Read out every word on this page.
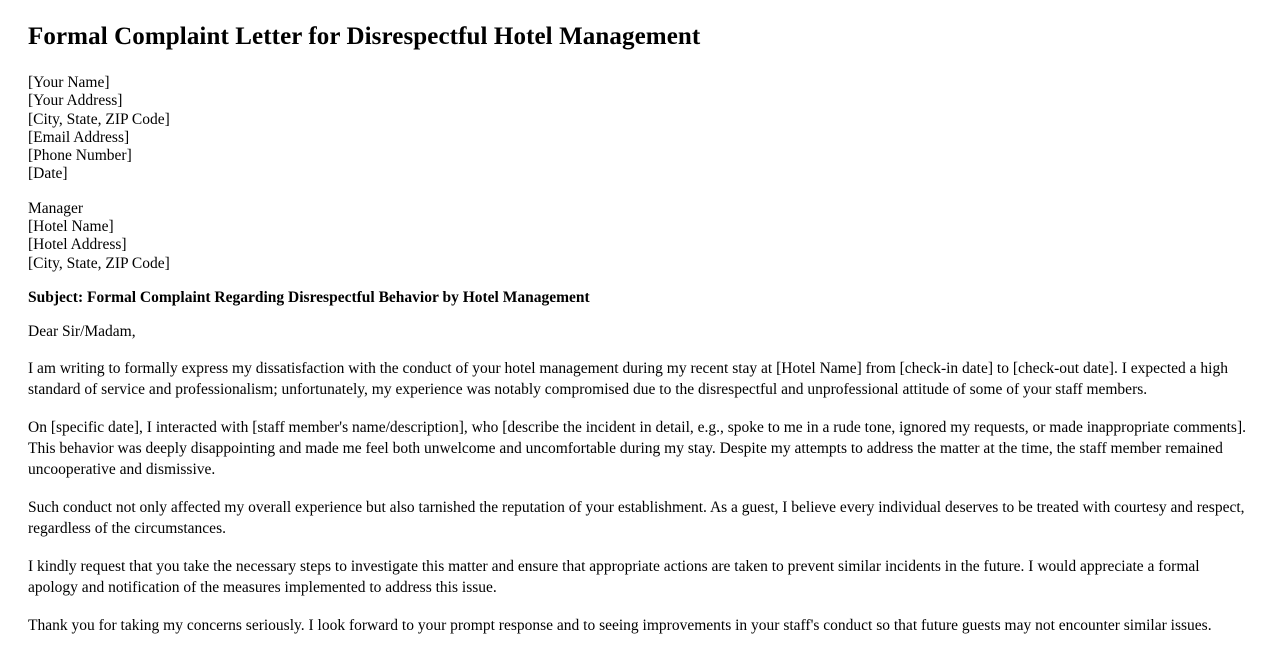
Formal Complaint Letter for Disrespectful Hotel Management
[Your Name]
[Your Address]
[City, State, ZIP Code]
[Email Address]
[Phone Number]
[Date]
Manager
[Hotel Name]
[Hotel Address]
[City, State, ZIP Code]
Subject: Formal Complaint Regarding Disrespectful Behavior by Hotel Management
Dear Sir/Madam,

I am writing to formally express my dissatisfaction with the conduct of your hotel management during my recent stay at [Hotel Name] from [check-in date] to [check-out date]. I expected a high standard of service and professionalism; unfortunately, my experience was notably compromised due to the disrespectful and unprofessional attitude of some of your staff members.

On [specific date], I interacted with [staff member's name/description], who [describe the incident in detail, e.g., spoke to me in a rude tone, ignored my requests, or made inappropriate comments]. This behavior was deeply disappointing and made me feel both unwelcome and uncomfortable during my stay. Despite my attempts to address the matter at the time, the staff member remained uncooperative and dismissive.

Such conduct not only affected my overall experience but also tarnished the reputation of your establishment. As a guest, I believe every individual deserves to be treated with courtesy and respect, regardless of the circumstances.

I kindly request that you take the necessary steps to investigate this matter and ensure that appropriate actions are taken to prevent similar incidents in the future. I would appreciate a formal apology and notification of the measures implemented to address this issue.

Thank you for taking my concerns seriously. I look forward to your prompt response and to seeing improvements in your staff's conduct so that future guests may not encounter similar issues.
